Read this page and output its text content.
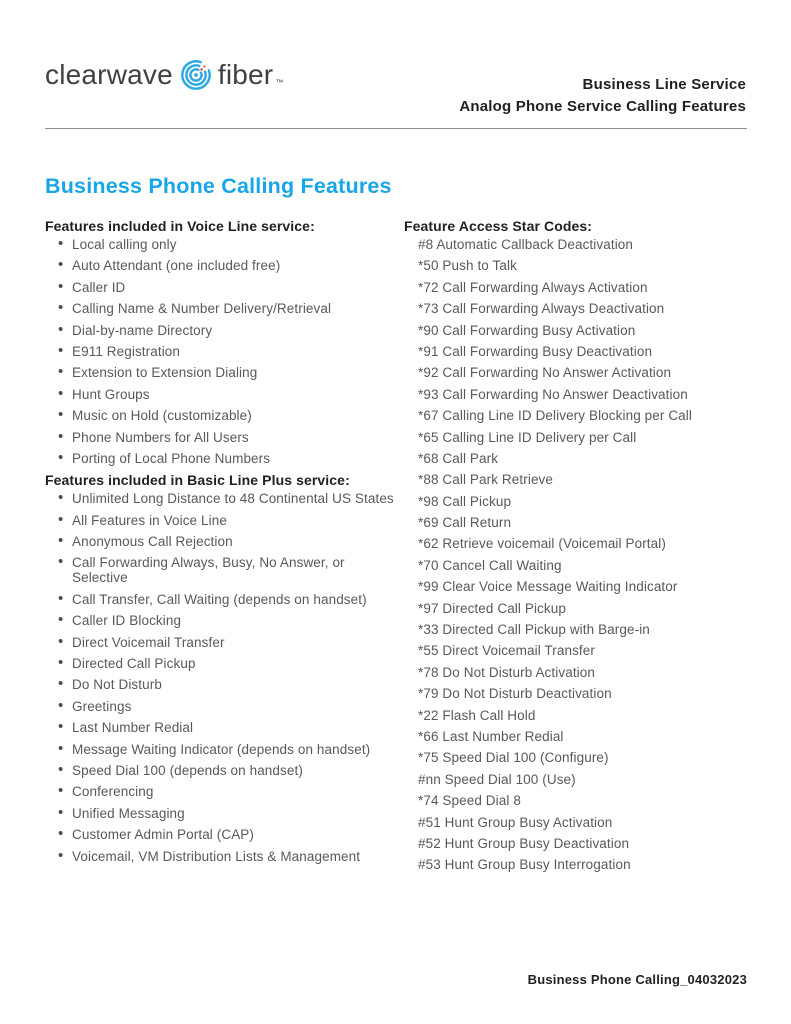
clearwave fiber ™	Business Line Service
Analog Phone Service Calling Features
Business Phone Calling Features
Features included in Voice Line service:
• Local calling only
• Auto Attendant (one included free)
• Caller ID
• Calling Name & Number Delivery/Retrieval
• Dial-by-name Directory
• E911 Registration
• Extension to Extension Dialing
• Hunt Groups
• Music on Hold (customizable)
• Phone Numbers for All Users
• Porting of Local Phone Numbers
Features included in Basic Line Plus service:
• Unlimited Long Distance to 48 Continental US States
• All Features in Voice Line
• Anonymous Call Rejection
• Call Forwarding Always, Busy, No Answer, or Selective
• Call Transfer, Call Waiting (depends on handset)
• Caller ID Blocking
• Direct Voicemail Transfer
• Directed Call Pickup
• Do Not Disturb
• Greetings
• Last Number Redial
• Message Waiting Indicator (depends on handset)
• Speed Dial 100 (depends on handset)
• Conferencing
• Unified Messaging
• Customer Admin Portal (CAP)
• Voicemail, VM Distribution Lists & Management
Feature Access Star Codes:
#8 Automatic Callback Deactivation
*50 Push to Talk
*72 Call Forwarding Always Activation
*73 Call Forwarding Always Deactivation
*90 Call Forwarding Busy Activation
*91 Call Forwarding Busy Deactivation
*92 Call Forwarding No Answer Activation
*93 Call Forwarding No Answer Deactivation
*67 Calling Line ID Delivery Blocking per Call
*65 Calling Line ID Delivery per Call
*68 Call Park
*88 Call Park Retrieve
*98 Call Pickup
*69 Call Return
*62 Retrieve voicemail (Voicemail Portal)
*70 Cancel Call Waiting
*99 Clear Voice Message Waiting Indicator
*97 Directed Call Pickup
*33 Directed Call Pickup with Barge-in
*55 Direct Voicemail Transfer
*78 Do Not Disturb Activation
*79 Do Not Disturb Deactivation
*22 Flash Call Hold
*66 Last Number Redial
*75 Speed Dial 100 (Configure)
#nn Speed Dial 100 (Use)
*74 Speed Dial 8
#51 Hunt Group Busy Activation
#52 Hunt Group Busy Deactivation
#53 Hunt Group Busy Interrogation
Business Phone Calling_04032023
